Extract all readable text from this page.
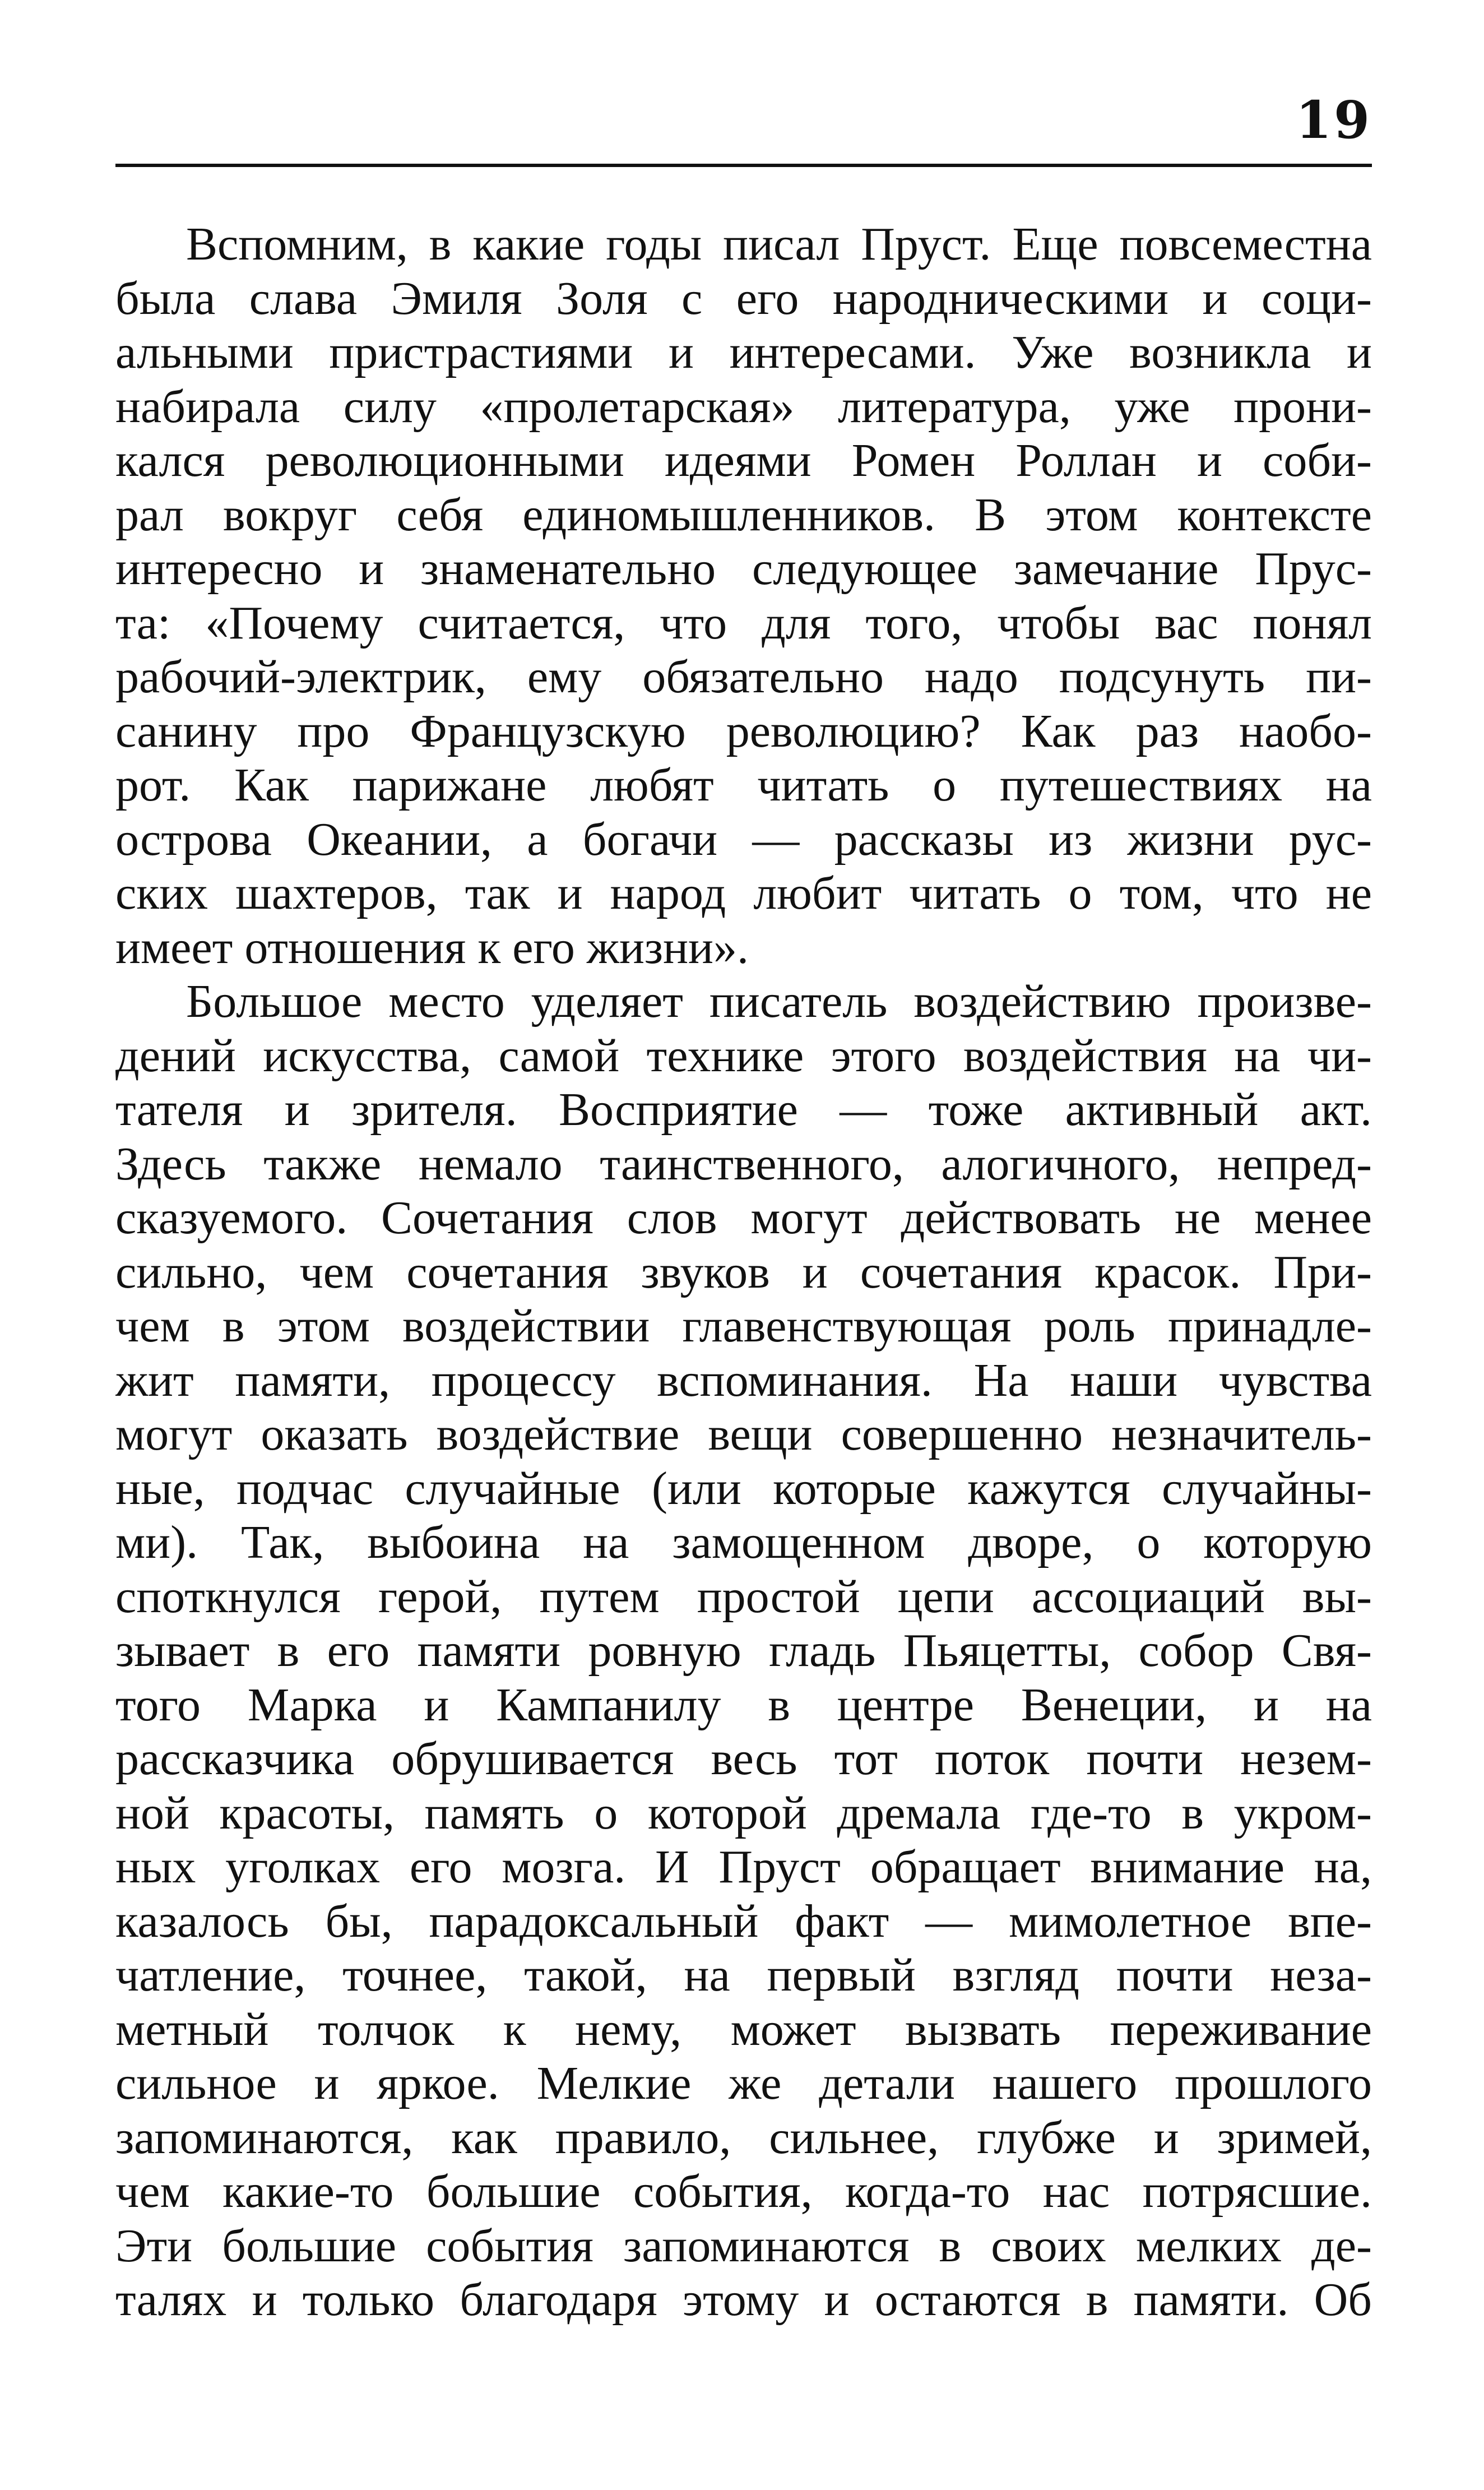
19
Вспомним, в какие годы писал Пруст. Еще повсеместна
была слава Эмиля Золя с его народническими и соци-
альными пристрастиями и интересами. Уже возникла и
набирала силу «пролетарская» литература, уже прони-
кался революционными идеями Ромен Роллан и соби-
рал вокруг себя единомышленников. В этом контексте
интересно и знаменательно следующее замечание Прус-
та: «Почему считается, что для того, чтобы вас понял
рабочий-электрик, ему обязательно надо подсунуть пи-
санину про Французскую революцию? Как раз наобо-
рот. Как парижане любят читать о путешествиях на
острова Океании, а богачи — рассказы из жизни рус-
ских шахтеров, так и народ любит читать о том, что не
имеет отношения к его жизни».
Большое место уделяет писатель воздействию произве-
дений искусства, самой технике этого воздействия на чи-
тателя и зрителя. Восприятие — тоже активный акт.
Здесь также немало таинственного, алогичного, непред-
сказуемого. Сочетания слов могут действовать не менее
сильно, чем сочетания звуков и сочетания красок. При-
чем в этом воздействии главенствующая роль принадле-
жит памяти, процессу вспоминания. На наши чувства
могут оказать воздействие вещи совершенно незначитель-
ные, подчас случайные (или которые кажутся случайны-
ми). Так, выбоина на замощенном дворе, о которую
споткнулся герой, путем простой цепи ассоциаций вы-
зывает в его памяти ровную гладь Пьяцетты, собор Свя-
того Марка и Кампанилу в центре Венеции, и на
рассказчика обрушивается весь тот поток почти незем-
ной красоты, память о которой дремала где-то в укром-
ных уголках его мозга. И Пруст обращает внимание на,
казалось бы, парадоксальный факт — мимолетное впе-
чатление, точнее, такой, на первый взгляд почти неза-
метный толчок к нему, может вызвать переживание
сильное и яркое. Мелкие же детали нашего прошлого
запоминаются, как правило, сильнее, глубже и зримей,
чем какие-то большие события, когда-то нас потрясшие.
Эти большие события запоминаются в своих мелких де-
талях и только благодаря этому и остаются в памяти. Об
